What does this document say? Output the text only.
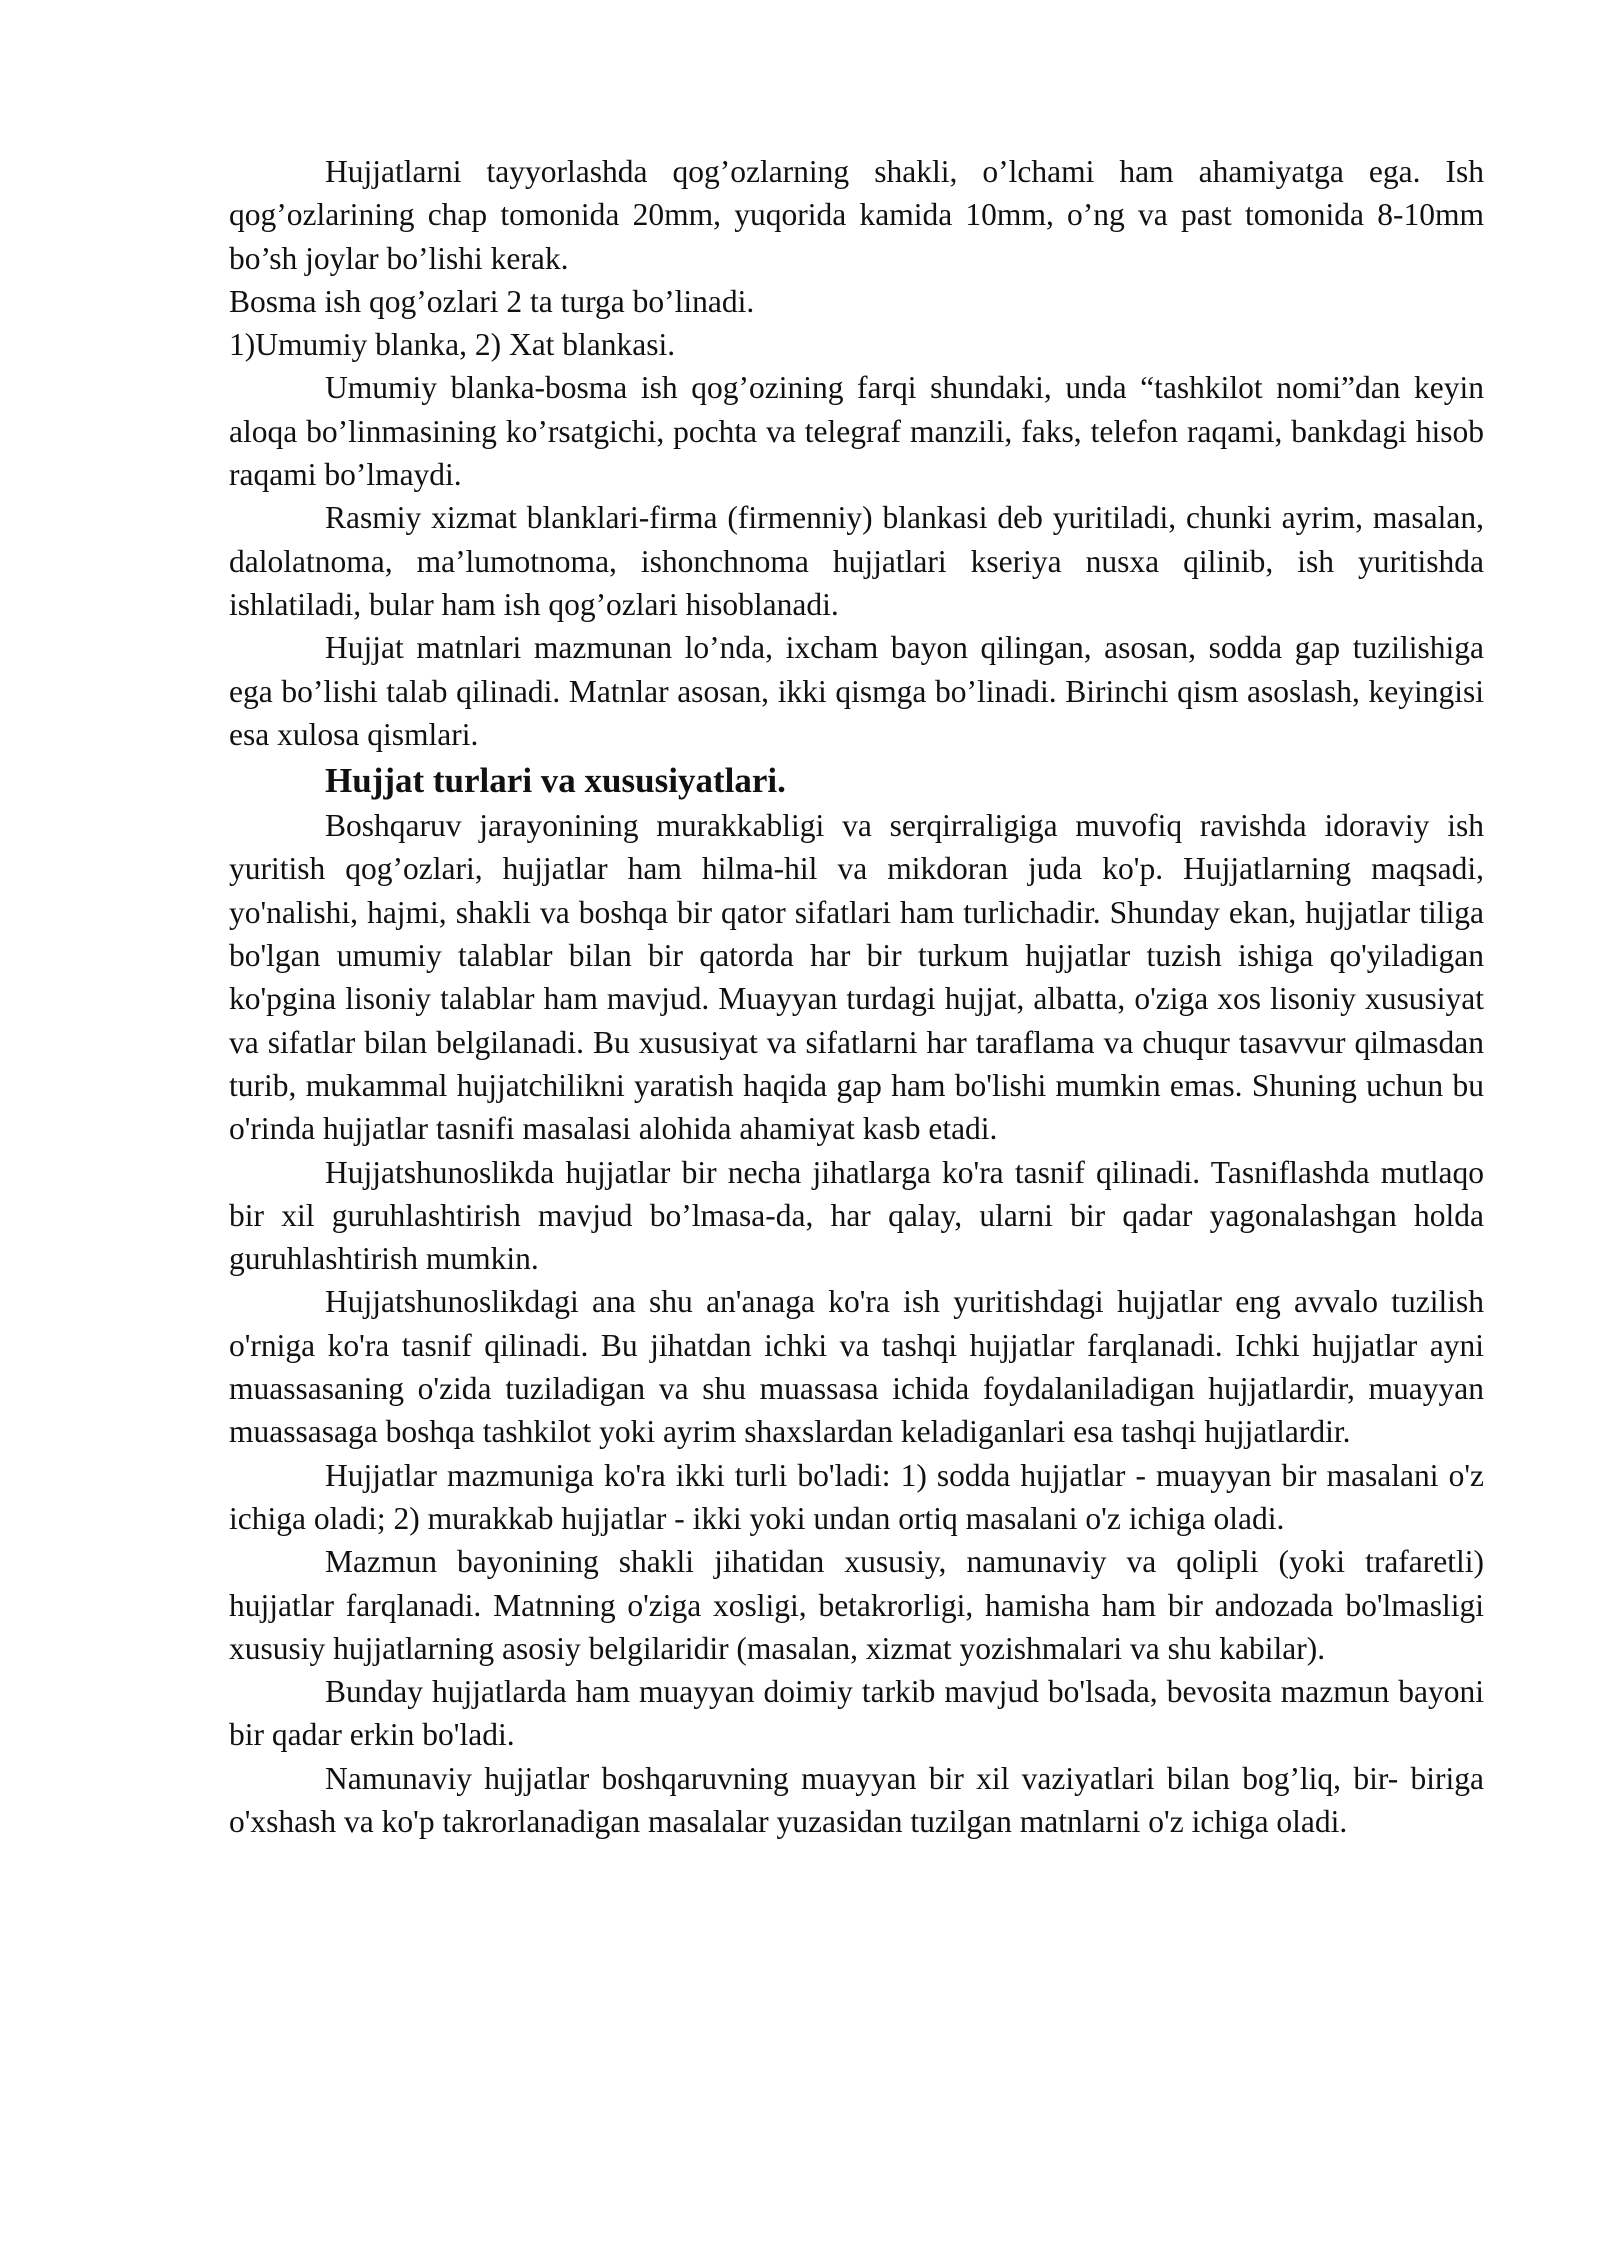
Hujjatlarni tayyorlashda qog’ozlarning shakli, o’lchami ham ahamiyatga ega. Ish qog’ozlarining chap tomonida 20mm, yuqorida kamida 10mm, o’ng va past tomonida 8-10mm bo’sh joylar bo’lishi kerak.

Bosma ish qog’ozlari 2 ta turga bo’linadi.

1)Umumiy blanka, 2) Xat blankasi.

Umumiy blanka-bosma ish qog’ozining farqi shundaki, unda “tashkilot nomi”dan keyin aloqa bo’linmasining ko’rsatgichi, pochta va telegraf manzili, faks, telefon raqami, bankdagi hisob raqami bo’lmaydi.

Rasmiy xizmat blanklari-firma (firmenniy) blankasi deb yuritiladi, chunki ayrim, masalan, dalolatnoma, ma’lumotnoma, ishonchnoma hujjatlari kseriya nusxa qilinib, ish yuritishda ishlatiladi, bular ham ish qog’ozlari hisoblanadi.

Hujjat matnlari mazmunan lo’nda, ixcham bayon qilingan, asosan, sodda gap tuzilishiga ega bo’lishi talab qilinadi. Matnlar asosan, ikki qismga bo’linadi. Birinchi qism asoslash, keyingisi esa xulosa qismlari.

Hujjat turlari va xususiyatlari.

Boshqaruv jarayonining murakkabligi va serqirraligiga muvofiq ravishda idoraviy ish yuritish qog’ozlari, hujjatlar ham hilma-hil va mikdoran juda ko'p. Hujjatlarning maqsadi, yo'nalishi, hajmi, shakli va boshqa bir qator sifatlari ham turlichadir. Shunday ekan, hujjatlar tiliga bo'lgan umumiy talablar bilan bir qatorda har bir turkum hujjatlar tuzish ishiga qo'yiladigan ko'pgina lisoniy talablar ham mavjud. Muayyan turdagi hujjat, albatta, o'ziga xos lisoniy xususiyat va sifatlar bilan belgilanadi. Bu xususiyat va sifatlarni har taraflama va chuqur tasavvur qilmasdan turib, mukammal hujjatchilikni yaratish haqida gap ham bo'lishi mumkin emas. Shuning uchun bu o'rinda hujjatlar tasnifi masalasi alohida ahamiyat kasb etadi.

Hujjatshunoslikda hujjatlar bir necha jihatlarga ko'ra tasnif qilinadi. Tasniflashda mutlaqo bir xil guruhlashtirish mavjud bo’lmasa-da, har qalay, ularni bir qadar yagonalashgan holda guruhlashtirish mumkin.

Hujjatshunoslikdagi ana shu an'anaga ko'ra ish yuritishdagi hujjatlar eng avvalo tuzilish o'rniga ko'ra tasnif qilinadi. Bu jihatdan ichki va tashqi hujjatlar farqlanadi. Ichki hujjatlar ayni muassasaning o'zida tuziladigan va shu muassasa ichida foydalaniladigan hujjatlardir, muayyan muassasaga boshqa tashkilot yoki ayrim shaxslardan keladiganlari esa tashqi hujjatlardir.

Hujjatlar mazmuniga ko'ra ikki turli bo'ladi: 1) sodda hujjatlar - muayyan bir masalani o'z ichiga oladi; 2) murakkab hujjatlar - ikki yoki undan ortiq masalani o'z ichiga oladi.

Mazmun bayonining shakli jihatidan xususiy, namunaviy va qolipli (yoki trafaretli) hujjatlar farqlanadi. Matnning o'ziga xosligi, betakrorligi, hamisha ham bir andozada bo'lmasligi xususiy hujjatlarning asosiy belgilaridir (masalan, xizmat yozishmalari va shu kabilar).

Bunday hujjatlarda ham muayyan doimiy tarkib mavjud bo'lsada, bevosita mazmun bayoni bir qadar erkin bo'ladi.

Namunaviy hujjatlar boshqaruvning muayyan bir xil vaziyatlari bilan bog’liq, bir- biriga o'xshash va ko'p takrorlanadigan masalalar yuzasidan tuzilgan matnlarni o'z ichiga oladi.
